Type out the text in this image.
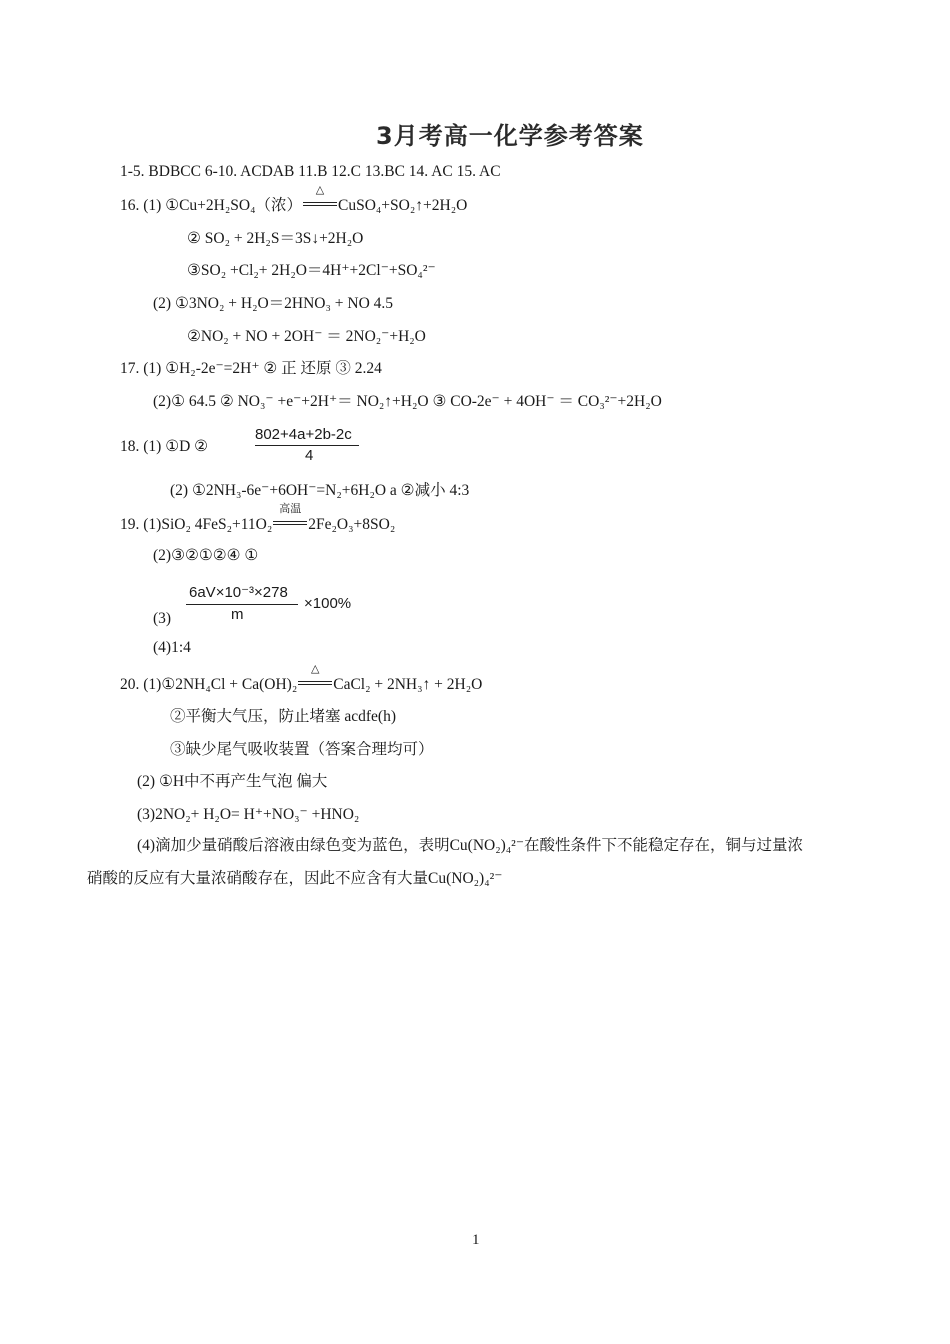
3月考高一化学参考答案
1-5. BDBCC 6-10. ACDAB 11.B 12.C 13.BC 14. AC 15. AC
16. (1) ①Cu+2H₂SO₄（浓）
△
CuSO₄+SO₂↑+2H₂O
② SO₂ + 2H₂S＝3S↓+2H₂O
③SO₂ +Cl₂+ 2H₂O＝4H⁺+2Cl⁻+SO₄²⁻
(2) ①3NO₂ + H₂O＝2HNO₃ + NO 4.5
②NO₂ + NO + 2OH⁻ ＝ 2NO₂⁻+H₂O
17. (1) ①H₂-2e⁻=2H⁺ ② 正 还原 ③ 2.24
(2)① 64.5 ② NO₃⁻ +e⁻+2H⁺＝ NO₂↑+H₂O ③ CO-2e⁻ + 4OH⁻ ＝ CO₃²⁻+2H₂O
18. (1) ①D ②
802+4a+2b-2c
4
(2) ①2NH₃-6e⁻+6OH⁻=N₂+6H₂O a ②减小 4:3
19. (1)SiO₂ 4FeS₂+11O₂
高温
2Fe₂O₃+8SO₂
(2)③②①②④ ①
(3)
6aV×10⁻³×278
m
×100%
(4)1:4
20. (1)①2NH₄Cl + Ca(OH)₂
△
CaCl₂ + 2NH₃↑ + 2H₂O
②平衡大气压，防止堵塞 acdfe(h)
③缺少尾气吸收装置（答案合理均可）
(2) ①H中不再产生气泡 偏大
(3)2NO₂+ H₂O= H⁺+NO₃⁻ +HNO₂
(4)滴加少量硝酸后溶液由绿色变为蓝色，表明Cu(NO₂)₄²⁻在酸性条件下不能稳定存在，铜与过量浓
硝酸的反应有大量浓硝酸存在，因此不应含有大量Cu(NO₂)₄²⁻
1
